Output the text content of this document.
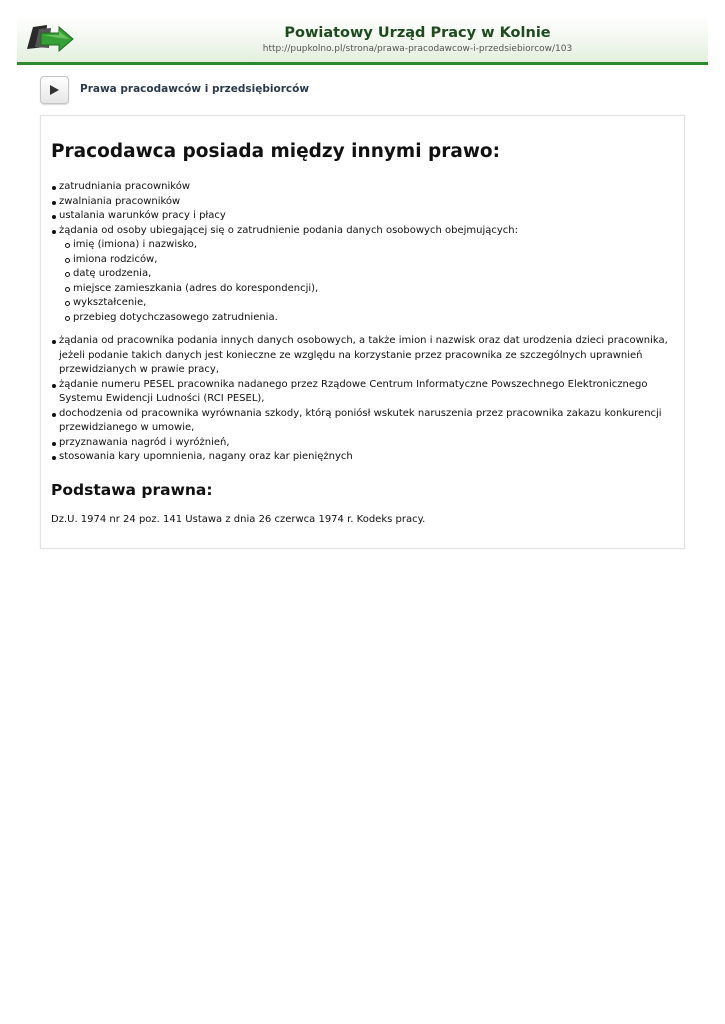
Powiatowy Urząd Pracy w Kolnie
http://pupkolno.pl/strona/prawa-pracodawcow-i-przedsiebiorcow/103
Prawa pracodawców i przedsiębiorców
Pracodawca posiada między innymi prawo:
zatrudniania pracowników
zwalniania pracowników
ustalania warunków pracy i płacy
żądania od osoby ubiegającej się o zatrudnienie podania danych osobowych obejmujących:
imię (imiona) i nazwisko,
imiona rodziców,
datę urodzenia,
miejsce zamieszkania (adres do korespondencji),
wykształcenie,
przebieg dotychczasowego zatrudnienia.
żądania od pracownika podania innych danych osobowych, a także imion i nazwisk oraz dat urodzenia dzieci pracownika, jeżeli podanie takich danych jest konieczne ze względu na korzystanie przez pracownika ze szczególnych uprawnień przewidzianych w prawie pracy,
żądanie numeru PESEL pracownika nadanego przez Rządowe Centrum Informatyczne Powszechnego Elektronicznego Systemu Ewidencji Ludności (RCI PESEL),
dochodzenia od pracownika wyrównania szkody, którą poniósł wskutek naruszenia przez pracownika zakazu konkurencji przewidzianego w umowie,
przyznawania nagród i wyróżnień,
stosowania kary upomnienia, nagany oraz kar pieniężnych
Podstawa prawna:

Dz.U. 1974 nr 24 poz. 141 Ustawa z dnia 26 czerwca 1974 r. Kodeks pracy.
